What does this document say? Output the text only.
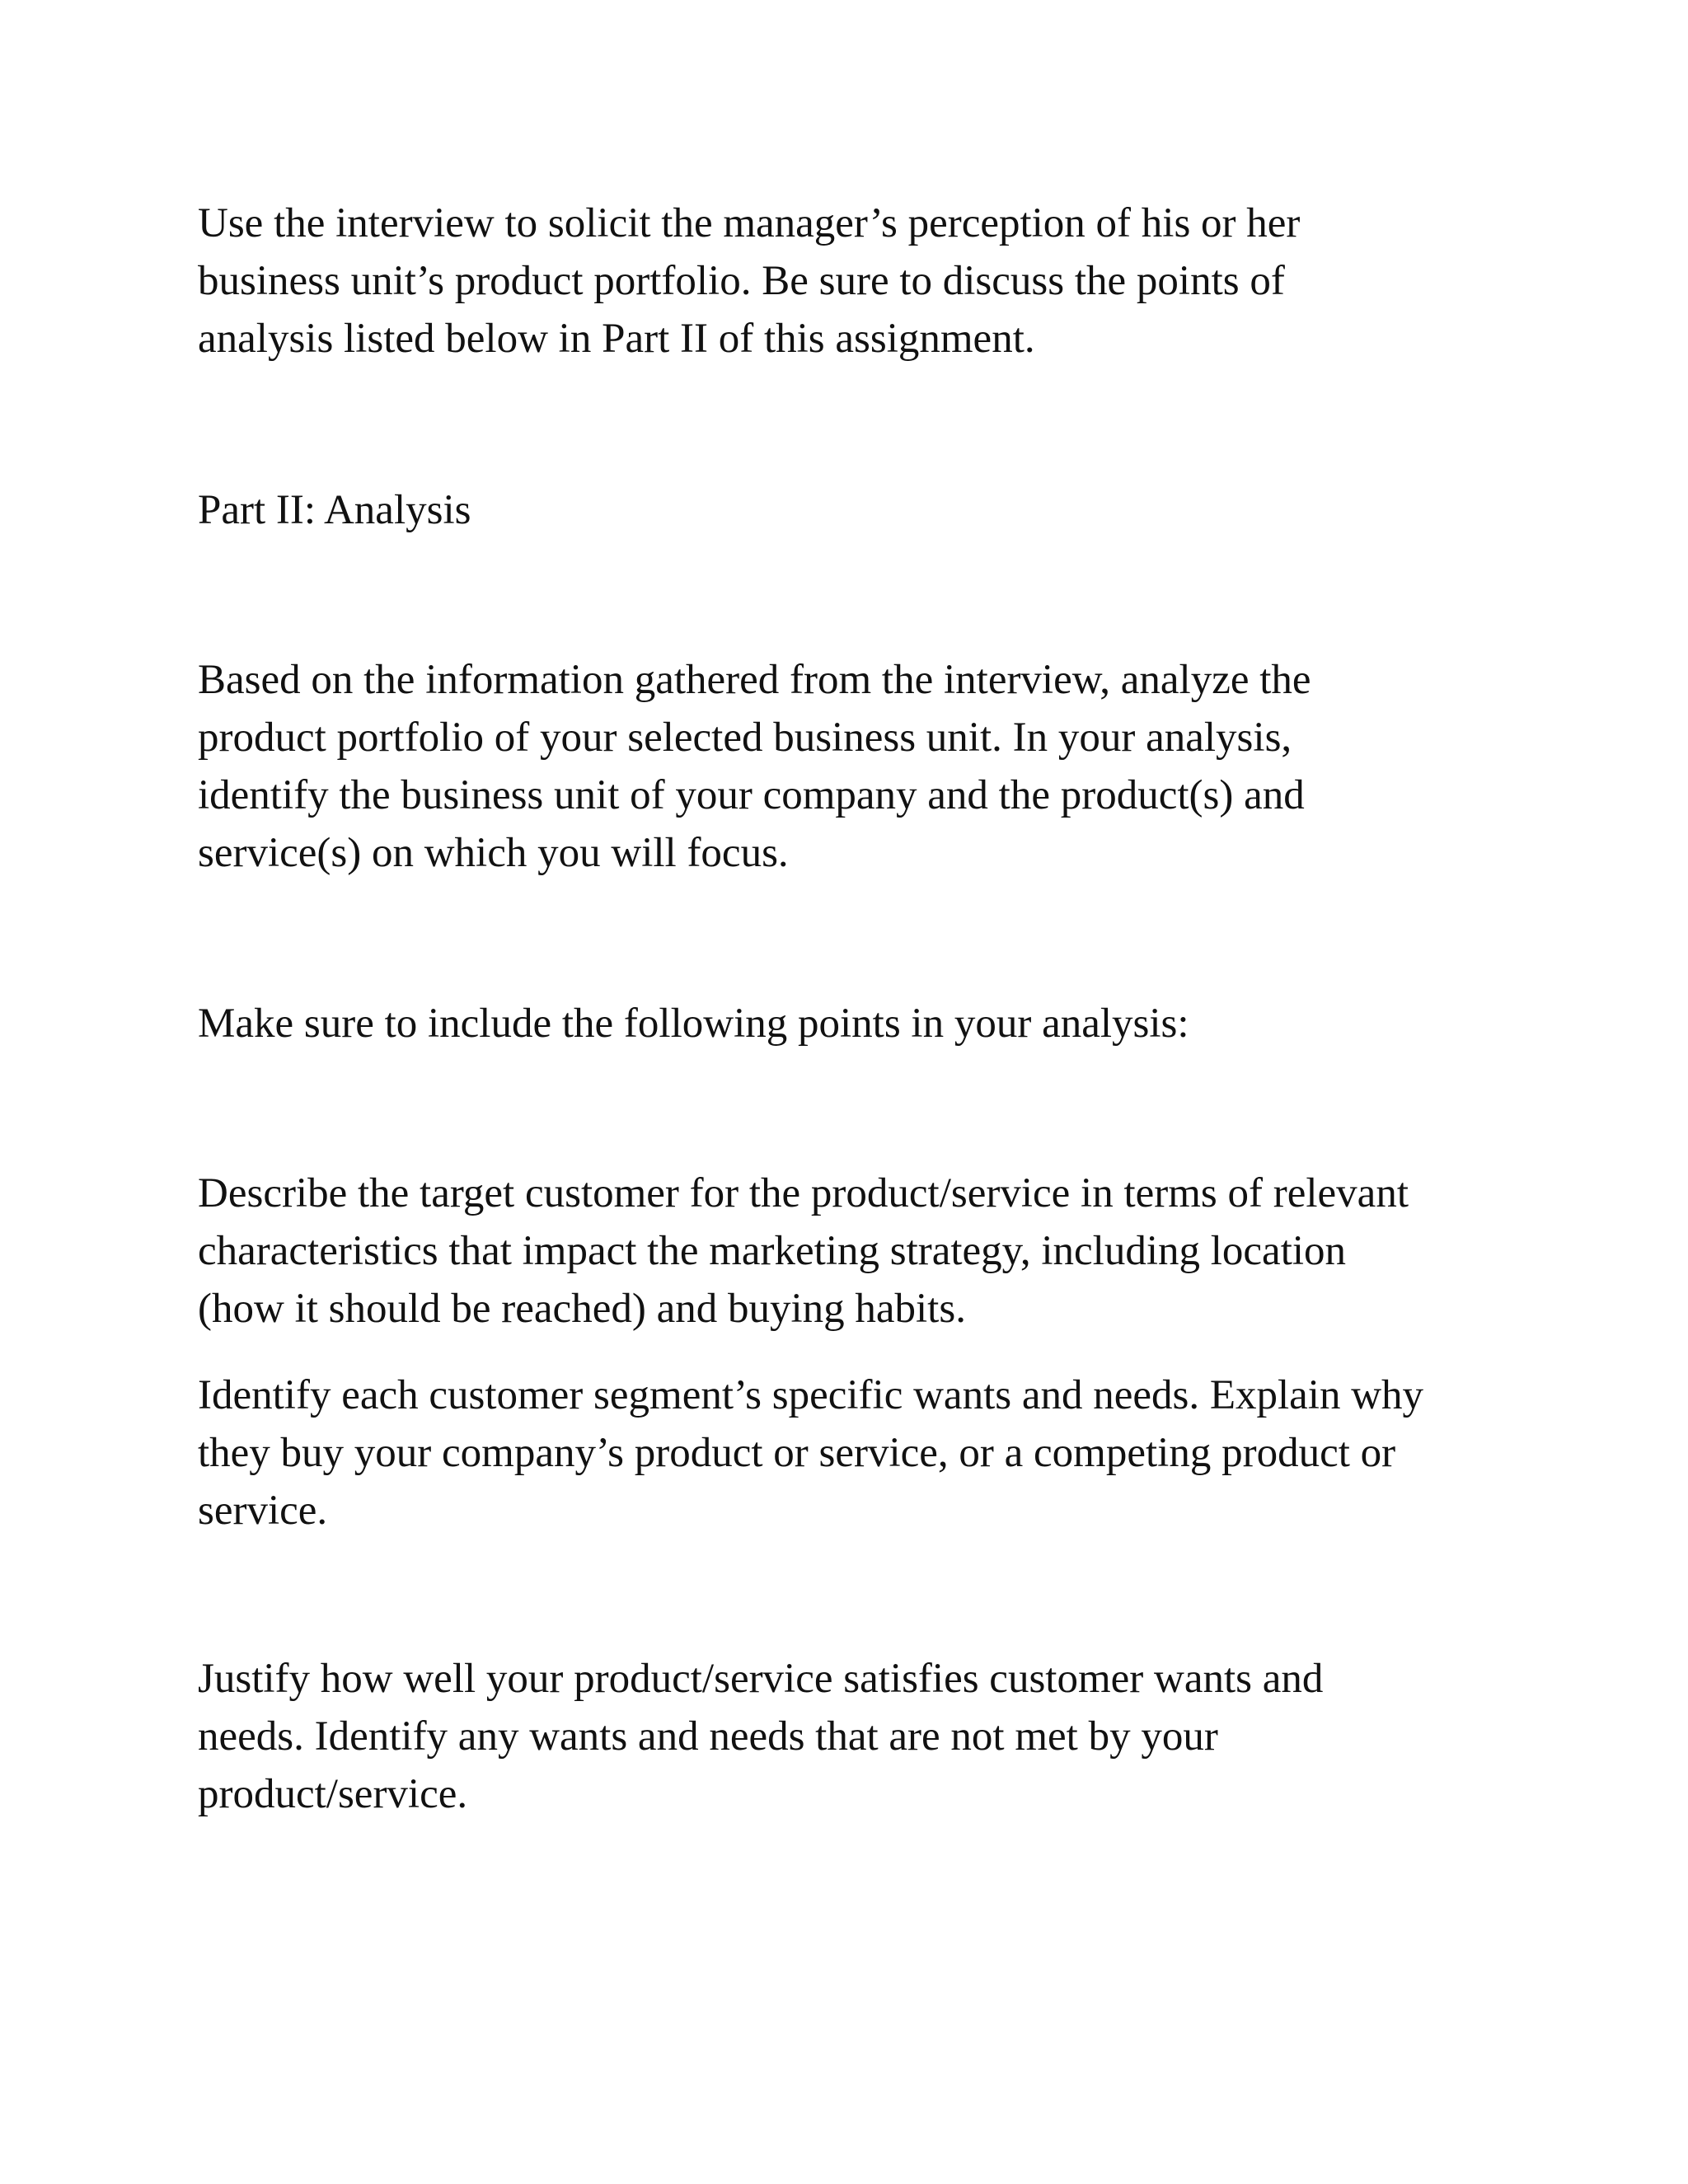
Use the interview to solicit the manager’s perception of his or her
business unit’s product portfolio. Be sure to discuss the points of
analysis listed below in Part II of this assignment.

Part II: Analysis

Based on the information gathered from the interview, analyze the
product portfolio of your selected business unit. In your analysis,
identify the business unit of your company and the product(s) and
service(s) on which you will focus.

Make sure to include the following points in your analysis:

Describe the target customer for the product/service in terms of relevant
characteristics that impact the marketing strategy, including location
(how it should be reached) and buying habits.

Identify each customer segment’s specific wants and needs. Explain why
they buy your company’s product or service, or a competing product or
service.

Justify how well your product/service satisfies customer wants and
needs. Identify any wants and needs that are not met by your
product/service.
